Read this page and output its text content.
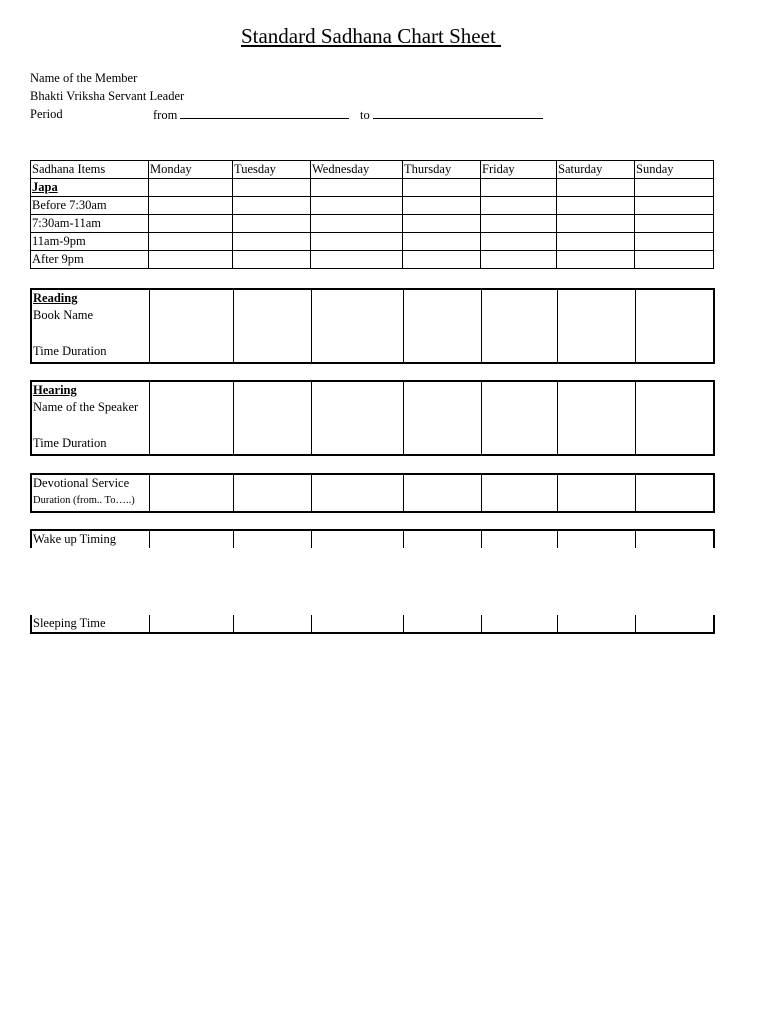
Standard Sadhana Chart Sheet
Name of the Member
Bhakti Vriksha Servant Leader
Period	from	to
Sadhana Items	Monday	Tuesday	Wednesday	Thursday	Friday	Saturday	Sunday

Japa							

Before 7:30am							
7:30am-11am							
11am-9pm							
After 9pm							
Reading
Book Name
Time Duration

Hearing
Name of the Speaker
Time Duration

Devotional Service
Duration (from.. To…..)

Wake up Timing							
Sleeping Time							
